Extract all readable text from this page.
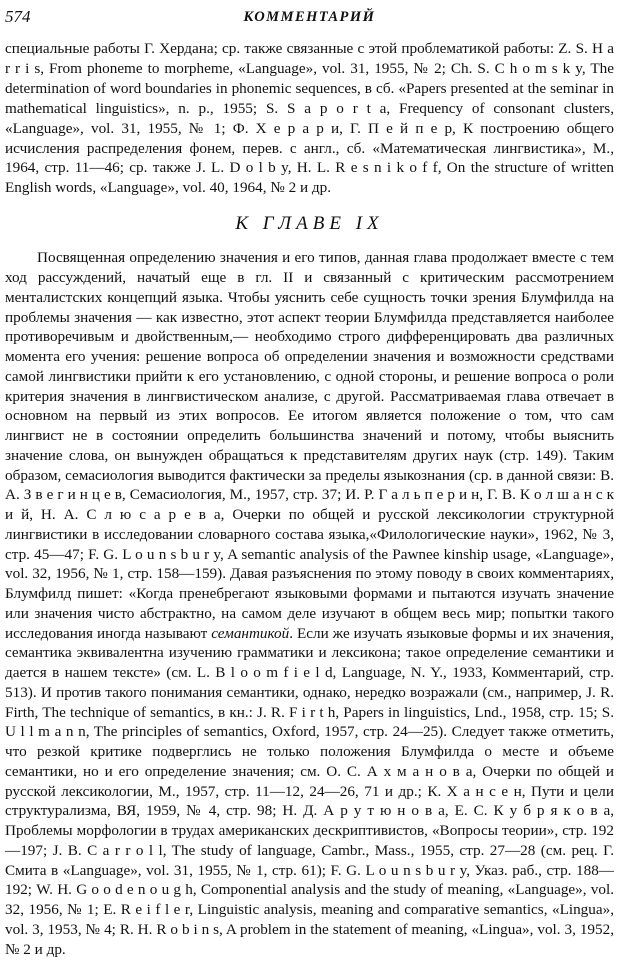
574	КОММЕНТАРИЙ

специальные работы Г. Хердана; ср. также связанные с этой проблематикой работы: Z. S. H a r r i s, From phoneme to morpheme, «Language», vol. 31, 1955, № 2; Ch. S. C h o m s k y, The determination of word boundaries in phonemic sequences, в сб. «Papers presented at the seminar in mathematical linguistics», n. p., 1955; S. S a p o r t a, Frequency of consonant clusters, «Language», vol. 31, 1955, № 1; Ф. Х е р а р и, Г. П е й п е р, К построению общего исчисления распределения фонем, перев. с англ., сб. «Математическая лингвистика», М., 1964, стр. 11—46; ср. также J. L. D o l b y, H. L. R e s n i k o f f, On the structure of written English words, «Language», vol. 40, 1964, № 2 и др.

К ГЛАВЕ IX

Посвященная определению значения и его типов, данная глава продолжает вместе с тем ход рассуждений, начатый еще в гл. II и связанный с критическим рассмотрением менталистских концепций языка. Чтобы уяснить себе сущность точки зрения Блумфилда на проблемы значения — как известно, этот аспект теории Блумфилда представляется наиболее противоречивым и двойственным,— необходимо строго дифференцировать два различных момента его учения: решение вопроса об определении значения и возможности средствами самой лингвистики прийти к его установлению, с одной стороны, и решение вопроса о роли критерия значения в лингвистическом анализе, с другой. Рассматриваемая глава отвечает в основном на первый из этих вопросов. Ее итогом является положение о том, что сам лингвист не в состоянии определить большинства значений и потому, чтобы выяснить значение слова, он вынужден обращаться к представителям других наук (стр. 149). Таким образом, семасиология выводится фактически за пределы языкознания (ср. в данной связи: В. А. З в е г и н ц е в, Семасиология, М., 1957, стр. 37; И. Р. Г а л ь п е р и н, Г. В. К о л ш а н с к и й, Н. А. С л ю с а р е в а, Очерки по общей и русской лексикологии структурной лингвистики в исследовании словарного состава языка,«Филологические науки», 1962, № 3, стр. 45—47; F. G. L o u n s b u r y, A semantic analysis of the Pawnee kinship usage, «Language», vol. 32, 1956, № 1, стр. 158—159). Давая разъяснения по этому поводу в своих комментариях, Блумфилд пишет: «Когда пренебрегают языковыми формами и пытаются изучать значение или значения чисто абстрактно, на самом деле изучают в общем весь мир; попытки такого исследования иногда называют семантикой. Если же изучать языковые формы и их значения, семантика эквивалентна изучению грамматики и лексикона; такое определение семантики и дается в нашем тексте» (см. L. B l o o m f i e l d, Language, N. Y., 1933, Комментарий, стр. 513). И против такого понимания семантики, однако, нередко возражали (см., например, J. R. Firth, The technique of semantics, в кн.: J. R. F i r t h, Papers in linguistics, Lnd., 1958, стр. 15; S. U l l m a n n, The principles of semantics, Oxford, 1957, стр. 24—25). Следует также отметить, что резкой критике подверглись не только положения Блумфилда о месте и объеме семантики, но и его определение значения; см. О. С. А х м а н о в а, Очерки по общей и русской лексикологии, М., 1957, стр. 11—12, 24—26, 71 и др.; К. Х а н с е н, Пути и цели структурализма, ВЯ, 1959, № 4, стр. 98; Н. Д. А р у т ю н о в а, Е. С. К у б р я к о в а, Проблемы морфологии в трудах американских дескриптивистов, «Вопросы теории», стр. 192—197; J. B. C a r r o l l, The study of language, Cambr., Mass., 1955, стр. 27—28 (см. рец. Г. Смита в «Language», vol. 31, 1955, № 1, стр. 61); F. G. L o u n s b u r y, Указ. раб., стр. 188—192; W. H. G o o d e n o u g h, Componential analysis and the study of meaning, «Language», vol. 32, 1956, № 1; E. R e i f l e r, Linguistic analysis, meaning and comparative semantics, «Lingua», vol. 3, 1953, № 4; R. H. R o b i n s, A problem in the statement of meaning, «Lingua», vol. 3, 1952, № 2 и др.
